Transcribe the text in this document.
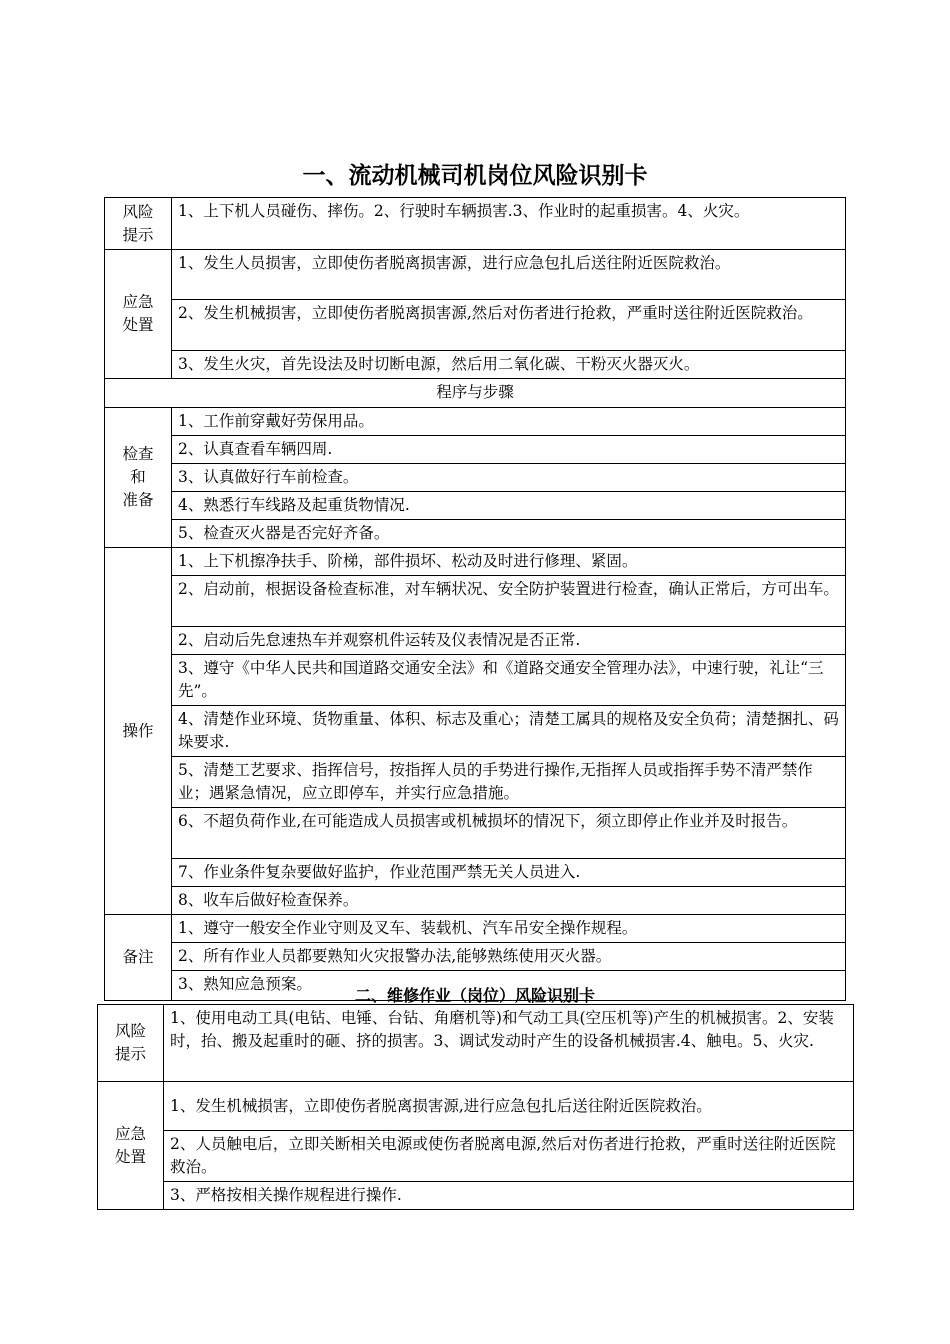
一、流动机械司机岗位风险识别卡
风险
提示	1、上下机人员碰伤、摔伤。2、行驶时车辆损害.3、作业时的起重损害。4、火灾。
应急
处置	1、发生人员损害，立即使伤者脱离损害源，进行应急包扎后送往附近医院救治。
	2、发生机械损害，立即使伤者脱离损害源,然后对伤者进行抢救，严重时送往附近医院救治。
	3、发生火灾，首先设法及时切断电源，然后用二氧化碳、干粉灭火器灭火。
程序与步骤	
检查
和
准备	1、工作前穿戴好劳保用品。
	2、认真查看车辆四周.
	3、认真做好行车前检查。
	4、熟悉行车线路及起重货物情况.
	5、检查灭火器是否完好齐备。
操作	1、上下机擦净扶手、阶梯，部件损坏、松动及时进行修理、紧固。
	2、启动前，根据设备检查标准，对车辆状况、安全防护装置进行检查，确认正常后，方可出车。
	2、启动后先怠速热车并观察机件运转及仪表情况是否正常.
	3、遵守《中华人民共和国道路交通安全法》和《道路交通安全管理办法》，中速行驶，礼让“三先”。
	4、清楚作业环境、货物重量、体积、标志及重心；清楚工属具的规格及安全负荷；清楚捆扎、码垛要求.
	5、清楚工艺要求、指挥信号，按指挥人员的手势进行操作,无指挥人员或指挥手势不清严禁作业；遇紧急情况，应立即停车，并实行应急措施。
	6、不超负荷作业,在可能造成人员损害或机械损坏的情况下，须立即停止作业并及时报告。
	7、作业条件复杂要做好监护，作业范围严禁无关人员进入.
	8、收车后做好检查保养。
备注	1、遵守一般安全作业守则及叉车、装载机、汽车吊安全操作规程。
	2、所有作业人员都要熟知火灾报警办法,能够熟练使用灭火器。
	3、熟知应急预案。
二、维修作业（岗位）风险识别卡
风险
提示	1、使用电动工具(电钻、电锤、台钻、角磨机等)和气动工具(空压机等)产生的机械损害。2、安装时，抬、搬及起重时的砸、挤的损害。3、调试发动时产生的设备机械损害.4、触电。5、火灾.
应急
处置	1、发生机械损害，立即使伤者脱离损害源,进行应急包扎后送往附近医院救治。
	2、人员触电后，立即关断相关电源或使伤者脱离电源,然后对伤者进行抢救，严重时送往附近医院救治。
	3、严格按相关操作规程进行操作.
